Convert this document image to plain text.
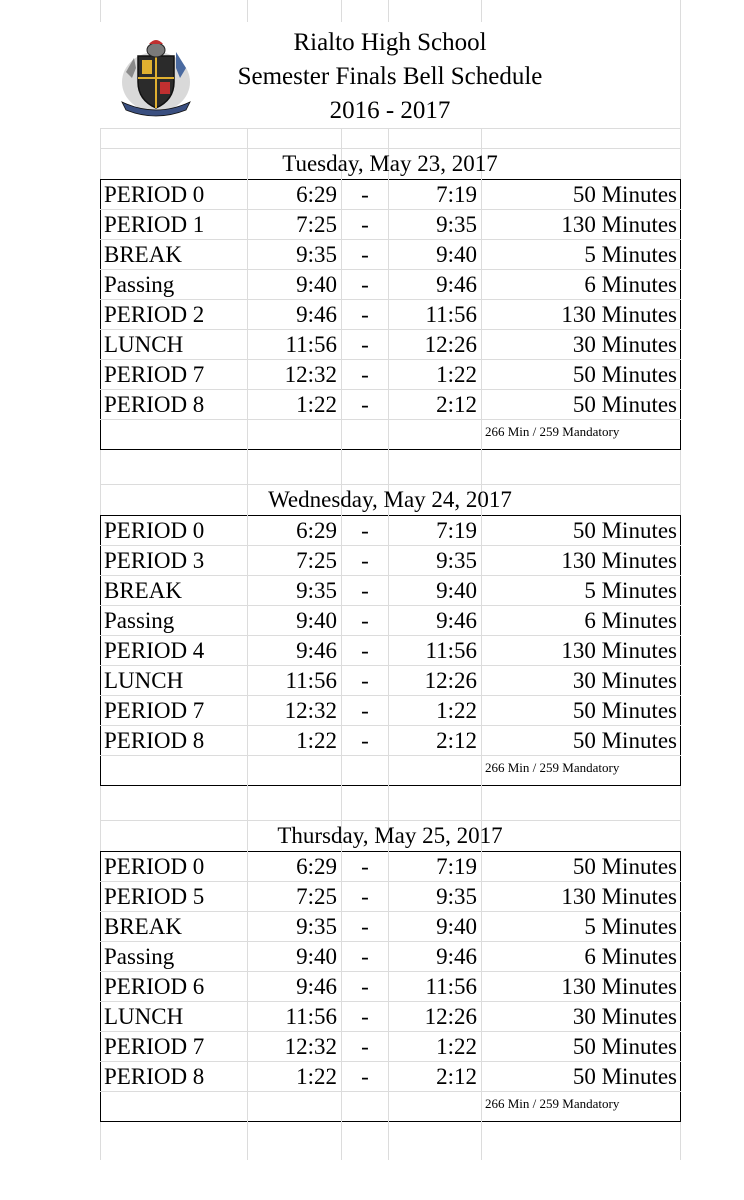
Rialto High School
Semester Finals Bell Schedule
2016 - 2017
Tuesday, May 23, 2017
PERIOD 0	6:29	-	7:19	50 Minutes
PERIOD 1	7:25	-	9:35	130 Minutes
BREAK	9:35	-	9:40	5 Minutes
Passing	9:40	-	9:46	6 Minutes
PERIOD 2	9:46	-	11:56	130 Minutes
LUNCH	11:56	-	12:26	30 Minutes
PERIOD 7	12:32	-	1:22	50 Minutes
PERIOD 8	1:22	-	2:12	50 Minutes
				266 Min / 259 Mandatory
Wednesday, May 24, 2017
PERIOD 0	6:29	-	7:19	50 Minutes
PERIOD 3	7:25	-	9:35	130 Minutes
BREAK	9:35	-	9:40	5 Minutes
Passing	9:40	-	9:46	6 Minutes
PERIOD 4	9:46	-	11:56	130 Minutes
LUNCH	11:56	-	12:26	30 Minutes
PERIOD 7	12:32	-	1:22	50 Minutes
PERIOD 8	1:22	-	2:12	50 Minutes
				266 Min / 259 Mandatory
Thursday, May 25, 2017
PERIOD 0	6:29	-	7:19	50 Minutes
PERIOD 5	7:25	-	9:35	130 Minutes
BREAK	9:35	-	9:40	5 Minutes
Passing	9:40	-	9:46	6 Minutes
PERIOD 6	9:46	-	11:56	130 Minutes
LUNCH	11:56	-	12:26	30 Minutes
PERIOD 7	12:32	-	1:22	50 Minutes
PERIOD 8	1:22	-	2:12	50 Minutes
				266 Min / 259 Mandatory
